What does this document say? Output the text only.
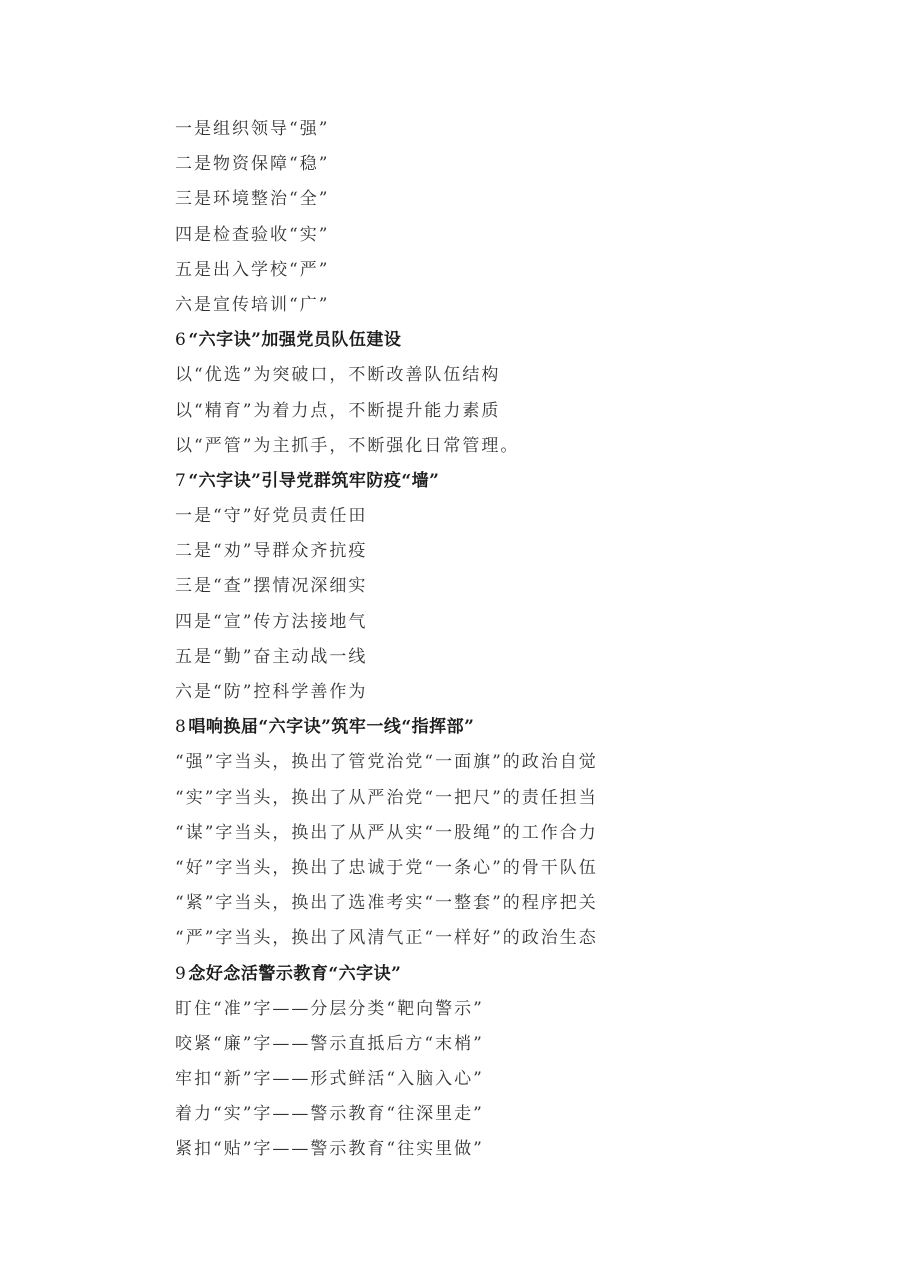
一是组织领导“强”
二是物资保障“稳”
三是环境整治“全”
四是检查验收“实”
五是出入学校“严”
六是宣传培训“广”
6 “六字诀”加强党员队伍建设
以“优选”为突破口，不断改善队伍结构
以“精育”为着力点，不断提升能力素质
以“严管”为主抓手，不断强化日常管理。
7 “六字诀”引导党群筑牢防疫“墙”
一是“守”好党员责任田
二是“劝”导群众齐抗疫
三是“查”摆情况深细实
四是“宣”传方法接地气
五是“勤”奋主动战一线
六是“防”控科学善作为
8 唱响换届“六字诀”筑牢一线“指挥部”
“强”字当头，换出了管党治党“一面旗”的政治自觉
“实”字当头，换出了从严治党“一把尺”的责任担当
“谋”字当头，换出了从严从实“一股绳”的工作合力
“好”字当头，换出了忠诚于党“一条心”的骨干队伍
“紧”字当头，换出了选准考实“一整套”的程序把关
“严”字当头，换出了风清气正“一样好”的政治生态
9 念好念活警示教育“六字诀”
盯住“准”字——分层分类“靶向警示”
咬紧“廉”字——警示直抵后方“末梢”
牢扣“新”字——形式鲜活“入脑入心”
着力“实”字——警示教育“往深里走”
紧扣“贴”字——警示教育“往实里做”
